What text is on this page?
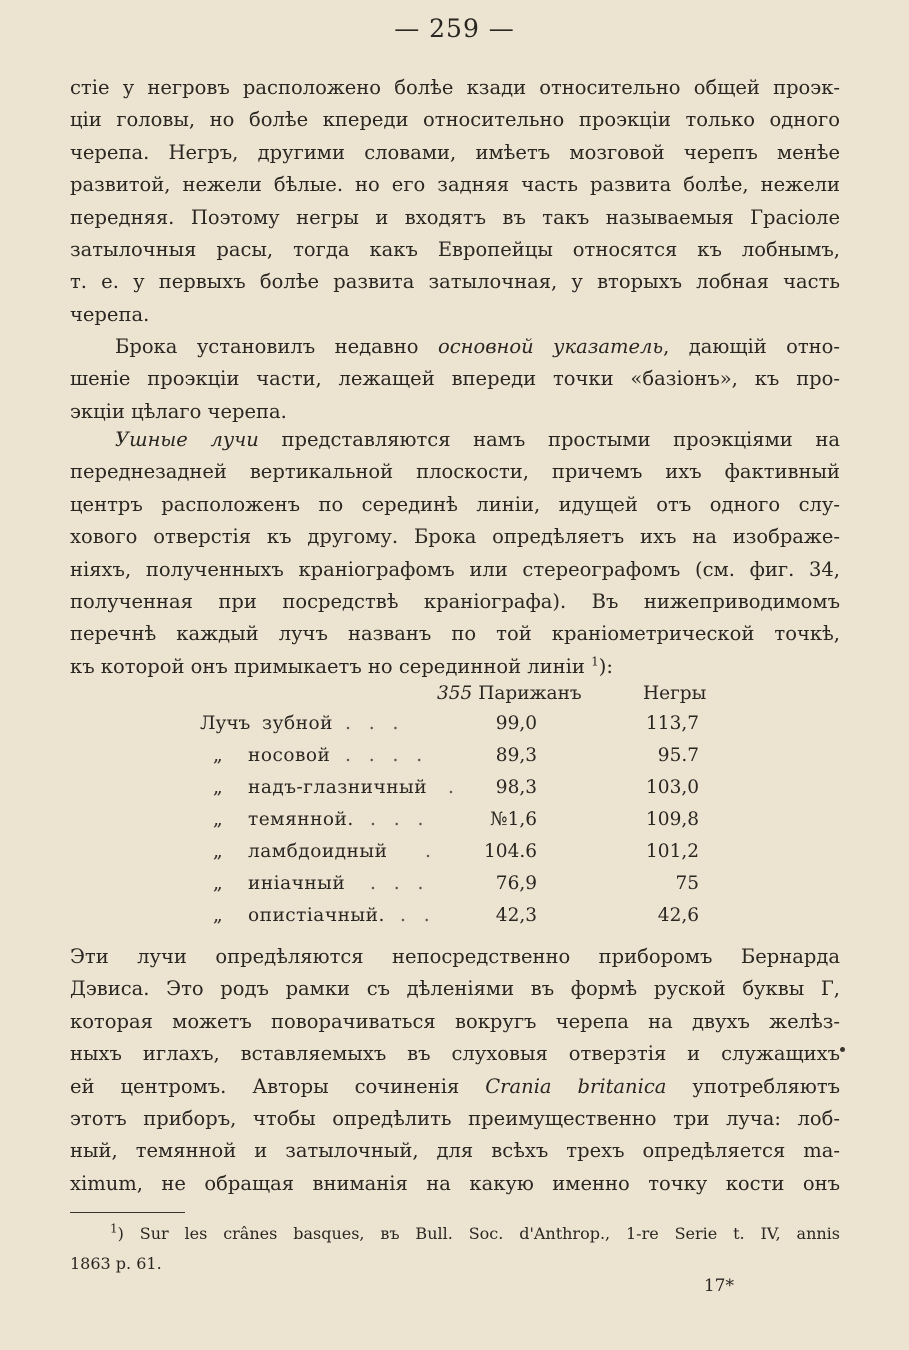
— 259 —
стіе у негровъ расположено болѣе кзади относительно общей проэк-
ціи головы, но болѣе кпереди относительно проэкціи только одного
черепа. Негръ, другими словами, имѣетъ мозговой черепъ менѣе
развитой, нежели бѣлые. но его задняя часть развита болѣе, нежели
передняя. Поэтому негры и входятъ въ такъ называемыя Грасіоле
затылочныя расы, тогда какъ Европейцы относятся къ лобнымъ,
т. е. у первыхъ болѣе развита затылочная, у вторыхъ лобная часть
черепа.
Брока установилъ недавно основной указатель, дающій отно-
шеніе проэкціи части, лежащей впереди точки «базіонъ», къ про-
экціи цѣлаго черепа.
Ушные лучи представляются намъ простыми проэкціями на
переднезадней вертикальной плоскости, причемъ ихъ фактивный
центръ расположенъ по серединѣ линіи, идущей отъ одного слу-
хового отверстія къ другому. Брока опредѣляетъ ихъ на изображе-
ніяхъ, полученныхъ краніографомъ или стереографомъ (см. фиг. 34,
полученная при посредствѣ краніографа). Въ нижеприводимомъ
перечнѣ каждый лучъ названъ по той краніометрической точкѣ,
къ которой онъ примыкаетъ но серединной линіи $^1$):
355 Парижанъ	Негры
Лучъ зубной . . .	99,0	113,7
„ носовой . . . .	89,3	95.7
„ надъ-глазничный . 98,3	103,0
„ темянной. . . .	№1,6	109,8
„ ламбдоидный .	104.6	101,2
„ иніачный . . .	76,9	75
„ опистіачный. . .	42,3	42,6
Эти лучи опредѣляются непосредственно приборомъ Бернарда
Дэвиса. Это родъ рамки съ дѣленіями въ формѣ руской буквы Г,
которая можетъ поворачиваться вокругъ черепа на двухъ желѣз-
ныхъ иглахъ, вставляемыхъ въ слуховыя отверзтія и служащихъ
ей центромъ. Авторы сочиненія Crania britanica употребляютъ
этотъ приборъ, чтобы опредѣлить преимущественно три луча: лоб-
ный, темянной и затылочный, для всѣхъ трехъ опредѣляется ma-
ximum, не обращая вниманія на какую именно точку кости онъ
$^1$) Sur les crânes basques, въ Bull. Soc. d'Anthrop., 1-re Serie t. IV, annis
1863 p. 61.
17*
